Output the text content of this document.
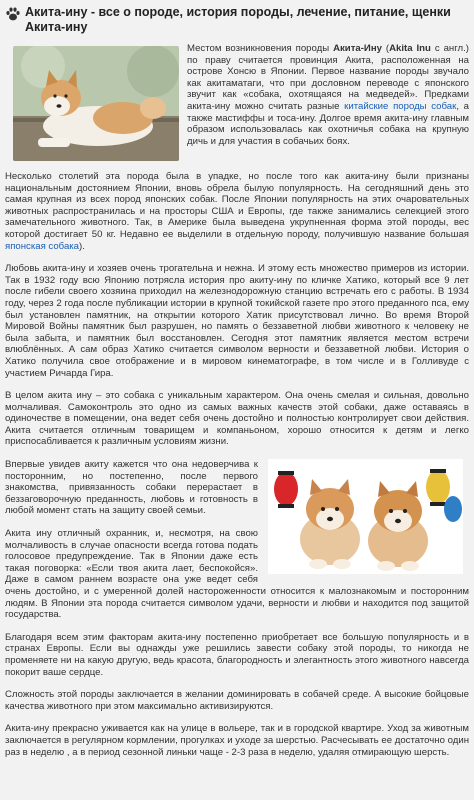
Акита-ину - все о породе, история породы, лечение, питание, щенки Акита-ину

Местом возникновения породы Акита-Ину (Akita Inu с англ.) по праву считается провинция Акита, расположенная на острове Хонсю в Японии. Первое название породы звучало как акитаматаги, что при дословном переводе с японского звучит как «собака, охотящаяся на медведей». Предками акита-ину можно считать разные китайские породы собак, а также мастиффы и тоса-ину. Долгое время акита-ину главным образом использовалась как охотничья собака на крупную дичь и для участия в собачьих боях.

Несколько столетий эта порода была в упадке, но после того как акита-ину были признаны национальным достоянием Японии, вновь обрела былую популярность. На сегодняшний день это самая крупная из всех пород японских собак. После Японии популярность на этих очаровательных животных распространилась и на просторы США и Европы, где также занимались селекцией этого замечательного животного. Так, в Америке была выведена укрупненная форма этой породы, вес которой достигает 50 кг. Недавно ее выделили в отдельную породу, получившую название большая японская собака).

Любовь акита-ину и хозяев очень трогательна и нежна. И этому есть множество примеров из истории. Так в 1932 году всю Японию потрясла история про акиту-ину по кличке Хатико, который все 9 лет после гибели своего хозяина приходил на железнодорожную станцию встречать его с работы. В 1934 году, через 2 года после публикации истории в крупной токийской газете про этого преданного пса, ему был установлен памятник, на открытии которого Хатик присутствовал лично. Во время Второй Мировой Войны памятник был разрушен, но память о беззаветной любви животного к человеку не была забыта, и памятник был восстановлен. Сегодня этот памятник является местом встречи влюблённых. А сам образ Хатико считается символом верности и беззаветной любви. История о Хатико получила свое отображение и в мировом кинематографе, в том числе и в Голливуде с участием Ричарда Гира.

В целом акита ину – это собака с уникальным характером. Она очень смелая и сильная, довольно молчаливая. Самоконтроль это одно из самых важных качеств этой собаки, даже оставаясь в одиночестве в помещении, она ведет себя очень достойно и полностью контролирует свои действия. Акита считается отличным товарищем и компаньоном, хорошо относится к детям и легко приспосабливается к различным условиям жизни.

Впервые увидев акиту кажется что она недоверчива к посторонним, но постепенно, после первого знакомства, привязанность собаки перерастает в беззаговорочную преданность, любовь и готовность в любой момент стать на защиту своей семьи.

Акита ину отличный охранник, и, несмотря, на свою молчаливость в случае опасности всегда готова подать голосовое предупреждение. Так в Японии даже есть такая поговорка: «Если твоя акита лает, беспокойся». Даже в самом раннем возрасте она уже ведет себя очень достойно, и с умеренной долей настороженности относится к малознакомым и посторонним людям. В Японии эта порода считается символом удачи, верности и любви и находится под защитой государства.

Благодаря всем этим факторам акита-ину постепенно приобретает все большую популярность и в странах Европы. Если вы однажды уже решились завести собаку этой породы, то никогда не променяете ни на какую другую, ведь красота, благородность и элегантность этого животного навсегда покорит ваше сердце.

Сложность этой породы заключается в желании доминировать в собачей среде. А высокие бойцовые качества животного при этом максимально активизируются.

Акита-ину прекрасно уживается как на улице в вольере, так и в городской квартире. Уход за животным заключается в регулярном кормлении, прогулках и уходе за шерстью. Расчесывать ее достаточно один раз в неделю , а в период сезонной линьки чаще - 2-3 раза в неделю, удаляя отмирающую шерсть.
